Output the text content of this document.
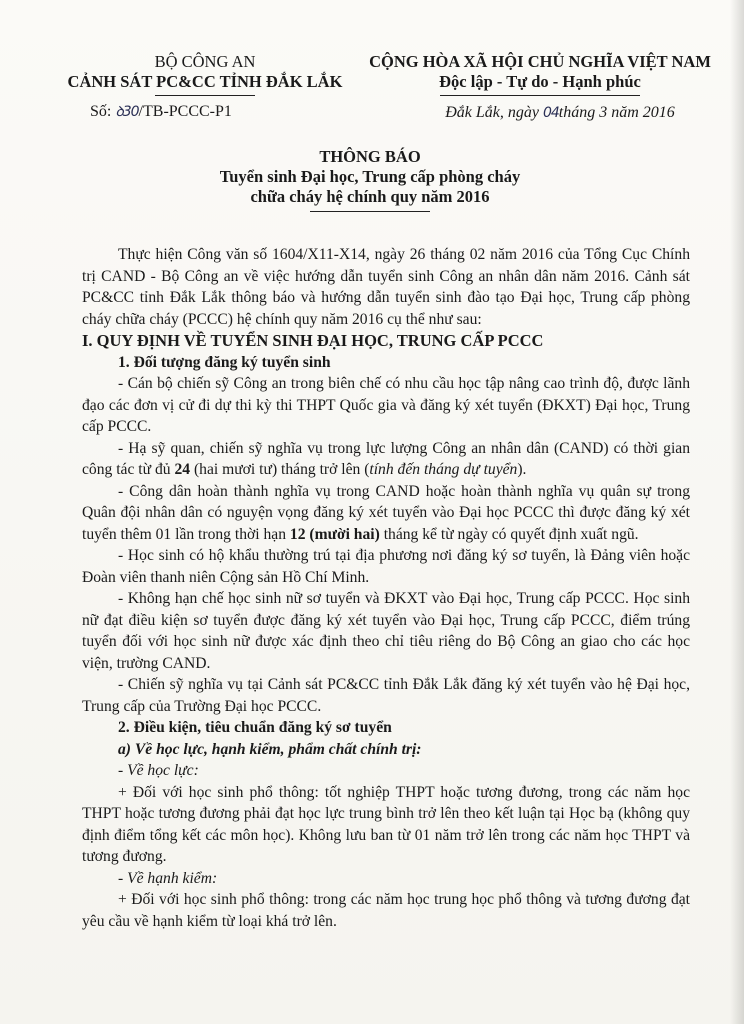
BỘ CÔNG AN
CẢNH SÁT PC&CC TỈNH ĐẮK LẮK
CỘNG HÒA XÃ HỘI CHỦ NGHĨA VIỆT NAM
Độc lập - Tự do - Hạnh phúc
Số: ꝺ30/TB-PCCC-P1	Đắk Lắk, ngày 04tháng 3 năm 2016
THÔNG BÁO
Tuyển sinh Đại học, Trung cấp phòng cháy
chữa cháy hệ chính quy năm 2016

Thực hiện Công văn số 1604/X11-X14, ngày 26 tháng 02 năm 2016 của Tổng Cục Chính trị CAND - Bộ Công an về việc hướng dẫn tuyển sinh Công an nhân dân năm 2016. Cảnh sát PC&CC tỉnh Đắk Lắk thông báo và hướng dẫn tuyển sinh đào tạo Đại học, Trung cấp phòng cháy chữa cháy (PCCC) hệ chính quy năm 2016 cụ thể như sau:

I. QUY ĐỊNH VỀ TUYỂN SINH ĐẠI HỌC, TRUNG CẤP PCCC

1. Đối tượng đăng ký tuyển sinh

- Cán bộ chiến sỹ Công an trong biên chế có nhu cầu học tập nâng cao trình độ, được lãnh đạo các đơn vị cử đi dự thi kỳ thi THPT Quốc gia và đăng ký xét tuyển (ĐKXT) Đại học, Trung cấp PCCC.

- Hạ sỹ quan, chiến sỹ nghĩa vụ trong lực lượng Công an nhân dân (CAND) có thời gian công tác từ đủ 24 (hai mươi tư) tháng trở lên (tính đến tháng dự tuyển).

- Công dân hoàn thành nghĩa vụ trong CAND hoặc hoàn thành nghĩa vụ quân sự trong Quân đội nhân dân có nguyện vọng đăng ký xét tuyển vào Đại học PCCC thì được đăng ký xét tuyển thêm 01 lần trong thời hạn 12 (mười hai) tháng kể từ ngày có quyết định xuất ngũ.

- Học sinh có hộ khẩu thường trú tại địa phương nơi đăng ký sơ tuyển, là Đảng viên hoặc Đoàn viên thanh niên Cộng sản Hồ Chí Minh.

- Không hạn chế học sinh nữ sơ tuyển và ĐKXT vào Đại học, Trung cấp PCCC. Học sinh nữ đạt điều kiện sơ tuyển được đăng ký xét tuyển vào Đại học, Trung cấp PCCC, điểm trúng tuyển đối với học sinh nữ được xác định theo chỉ tiêu riêng do Bộ Công an giao cho các học viện, trường CAND.

- Chiến sỹ nghĩa vụ tại Cảnh sát PC&CC tỉnh Đắk Lắk đăng ký xét tuyển vào hệ Đại học, Trung cấp của Trường Đại học PCCC.

2. Điều kiện, tiêu chuẩn đăng ký sơ tuyển

a) Về học lực, hạnh kiểm, phẩm chất chính trị:

- Về học lực:

+ Đối với học sinh phổ thông: tốt nghiệp THPT hoặc tương đương, trong các năm học THPT hoặc tương đương phải đạt học lực trung bình trở lên theo kết luận tại Học bạ (không quy định điểm tổng kết các môn học). Không lưu ban từ 01 năm trở lên trong các năm học THPT và tương đương.

- Về hạnh kiểm:

+ Đối với học sinh phổ thông: trong các năm học trung học phổ thông và tương đương đạt yêu cầu về hạnh kiểm từ loại khá trở lên.
